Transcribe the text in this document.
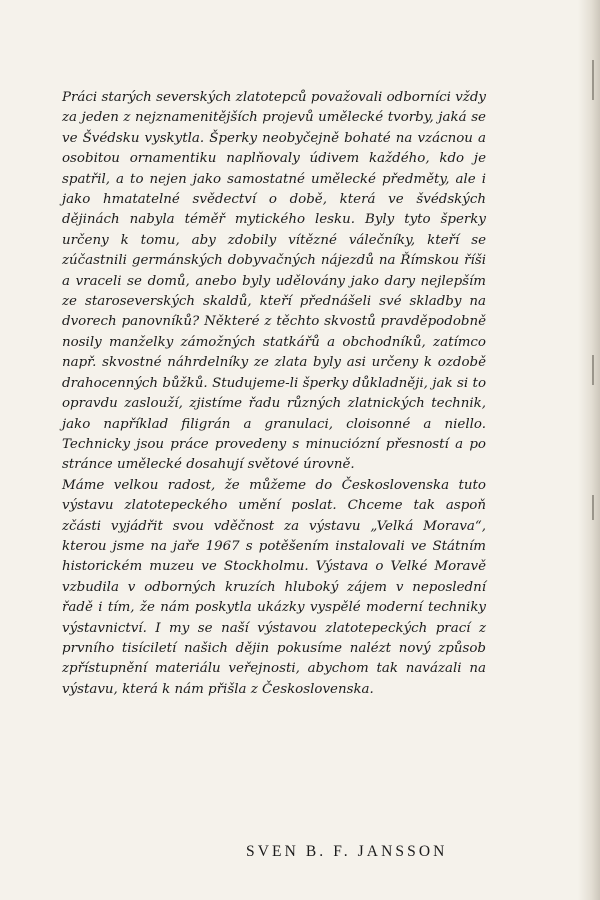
Práci starých severských zlatotepců považovali odborníci vždy za jeden z nejznamenitějších projevů umělecké tvorby, jaká se ve Švédsku vyskytla. Šperky neobyčejně bohaté na vzácnou a osobitou ornamentiku naplňovaly údivem každého, kdo je spatřil, a to nejen jako samostatné umělecké předměty, ale i jako hmatatelné svědectví o době, která ve švédských dějinách nabyla téměř mytického lesku. Byly tyto šperky určeny k tomu, aby zdobily vítězné válečníky, kteří se zúčastnili germánských dobyvačných nájezdů na Římskou říši a vraceli se domů, anebo byly udělovány jako dary nejlepším ze staroseverských skaldů, kteří přednášeli své skladby na dvorech panovníků? Některé z těchto skvostů pravděpodobně nosily manželky zámožných statkářů a obchodníků, zatímco např. skvostné náhrdelníky ze zlata byly asi určeny k ozdobě drahocenných bůžků. Studujeme-li šperky důkladněji, jak si to opravdu zaslouží, zjistíme řadu různých zlatnických technik, jako například filigrán a granulaci, cloisonné a niello. Technicky jsou práce provedeny s minuciózní přesností a po stránce umělecké dosahují světové úrovně.

Máme velkou radost, že můžeme do Československa tuto výstavu zlatotepeckého umění poslat. Chceme tak aspoň zčásti vyjádřit svou vděčnost za výstavu „Velká Morava“, kterou jsme na jaře 1967 s potěšením instalovali ve Státním historickém muzeu ve Stockholmu. Výstava o Velké Moravě vzbudila v odborných kruzích hluboký zájem v neposlední řadě i tím, že nám poskytla ukázky vyspělé moderní techniky výstavnictví. I my se naší výstavou zlatotepeckých prací z prvního tisíciletí našich dějin pokusíme nalézt nový způsob zpřístupnění materiálu veřejnosti, abychom tak navázali na výstavu, která k nám přišla z Československa.

SVEN B. F. JANSSON
